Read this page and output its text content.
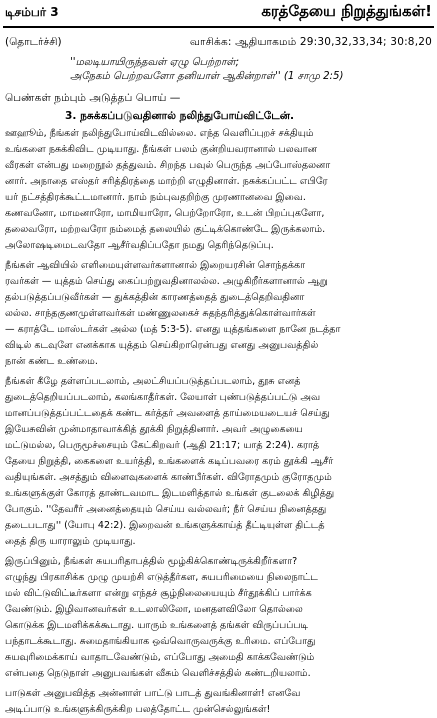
டிசம்பர் 3	கரத்தேயை நிறுத்துங்கள்!
(தொடர்ச்சி)	வாசிக்க: ஆதியாகமம் 29:30,32,33,34; 30:8,20
''மலடியாயிருந்தவள் ஏழு பெற்றாள்;
அநேகம் பெற்றவளோ தனியாள் ஆகின்றாள்'' (1 சாமு 2:5)
பெண்கள் நம்பும் அடுத்தப் பொய் —
3. நசுக்கப்படுவதினால் நலிந்துபோய்விட்டேன்.
ஊஹூம், நீங்கள் நலிந்துபோய்விடவில்லை. எந்த வெளிப்புறச் சக்தியும்
உங்களை நசுக்கிவிட முடியாது. நீங்கள் பலம் குன்றியவரானால் பலவான
வீரகள் என்பது மறைநூல் தத்துவம். சிறந்த பவுல் பெருந்த அப்போஸ்தலனா
னார். அநாதை எஸ்தர் சரித்திரத்தை மாற்றி எழுதினாள். நசுக்கப்பட்ட எபிரே
யர் நட்சத்திரக்கூட்டமானார். நாம் நம்புவதறிற்கு முரணானவை இவை.
கணவனோ, மாமனாரோ, மாமியாரோ, பெற்றோரோ, உடன் பிறப்புகளோ,
தலைவரோ, மற்றவரோ நம்மைத் தலையில் குட்டிக்கொண்டே இருக்கலாம்.
அலோஷடிமைடவதோ ஆசீர்வதிப்பதோ நமது தெரிந்தெடுப்பு.
நீங்கள் ஆவியில் எளிமையுள்ளவர்களானால் இறையரசின் சொந்தக்கா
ரவர்கள் — யுத்தம் செய்து கைப்பற்றுவதினாலல்ல. அழுகிறீர்களானால் ஆறு
தல்படுத்தப்படுவீர்கள் — துக்கத்தின் காரணத்தைத் துடைத்தெறிவதினா
லல்ல. சாந்தகுணமுள்ளவர்கள் மண்ணுலகைச் சுதந்தரித்துக்கொள்வார்கள்
— கராத்டே மாஸ்டர்கள் அல்ல (மத் 5:3-5). எனது யுத்தங்களை நானே நடத்தா
விடில் கடவுளே எனக்காக யுத்தம் செய்கிறாரென்பது எனது அனுபவத்தில்
நான் கண்ட உண்மை.
நீங்கள் கீழே தள்ளப்படலாம், அலட்சியப்படுத்தப்படலாம், தூசு எனத்
துடைத்தெறியப்படலாம், கலங்காதீர்கள். லேயாள் புண்படுத்தப்பட்டு அவ
மானப்படுத்தப்பட்டதைக் கண்ட கர்த்தர் அவளைத் தாய்மையடையச் செய்து
இயேசுவின் முன்மாதாவாக்கித் தூக்கி நிறுத்தினார். அவர் அழுகையை
மட்டுமல்ல, பெருமூச்சையும் கேட்கிறவர் (ஆதி 21:17; யாத் 2:24). கராத்
தேயை நிறுத்தி, கைகளை உயர்த்தி, உங்களைக் கடிப்பவரை கரம் தூக்கி ஆசீர்
வதியுங்கள். அசத்தும் விளைவுகளைக் காண்பீர்கள். விரோதமும் குரோதமும்
உங்களுக்குள் கோரத் தாண்டவமாட இடமளித்தால் உங்கள் குடலைக் கிழித்து
போகும். ''தேவரீர் அனைத்தையும் செய்ய வல்லவர்; நீர் செய்ய நினைத்தது
தடைபடாது'' (யோபு 42:2). இறைவன் உங்களுக்காய்த் தீட்டியுள்ள திட்டத்
தைத் திரு யாராலும் முடியாது.
இருப்பினும், நீங்கள் சுயபரிதாபத்தில் மூழ்கிக்கொண்டிருக்கிறீர்களா?
எழுந்து பிரகாசிக்க முழு முயற்சி எடுத்தீர்கள, சுயபரிமையை நிலைநாட்ட
மல் விட்டுவிட்டீர்களா என்று எந்தச் சூழ்நிலையையும் சீர்தூக்கிப் பார்க்க
வேண்டும். இழிவானவர்கள் உடலாலிலோ, மனதளவிலோ தொல்லை
கொடுக்க இடமளிக்கக்கூடாது. யாரும் உங்களைத் தங்கள் விருப்பப்படி
பந்தாடக்கூடாது. சுமைதாங்கியாக ஒவ்வொருவருக்கு உரிமை. எப்போது
சுயவுரிமைக்காய் வாதாடவேண்டும், எப்போது அமைதி காக்கவேண்டும்
என்பதை நெடுநாள் அனுபவங்கள் வீசும் வெளிச்சத்தில் கண்டறியலாம்.
பாடுகள் அனுபவித்த அன்னாள் பாட்டு பாடத் துவங்கினாள்! எனவே
அடிப்பாடு உங்களுக்கிருக்கிற பலத்தோட்ட முன்செல்லுங்கள்!
